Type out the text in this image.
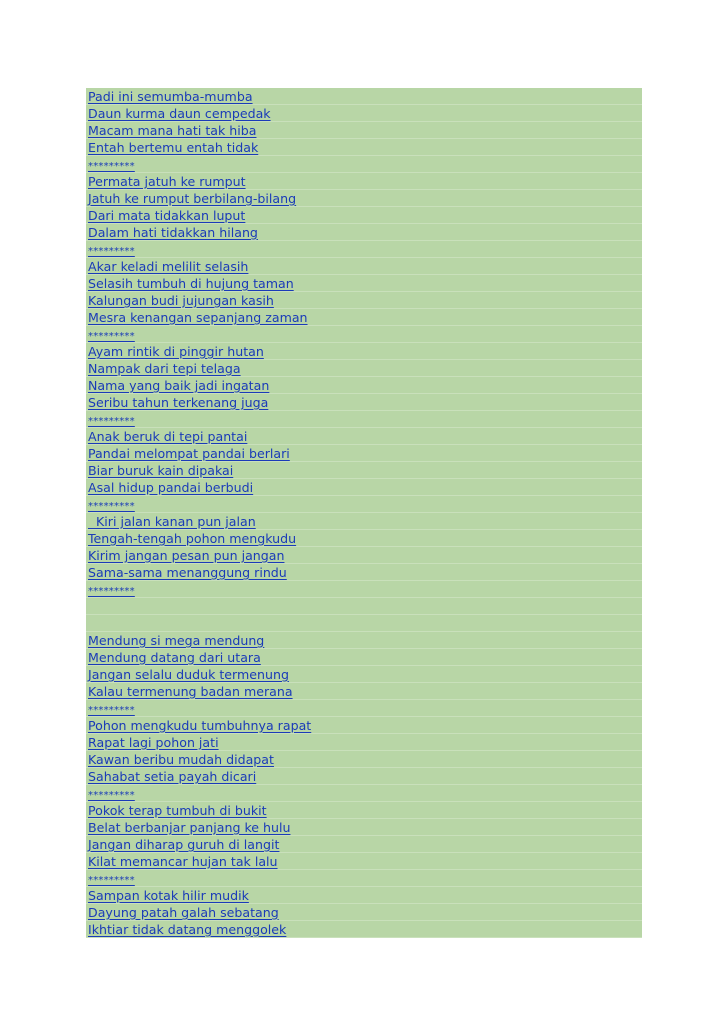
Padi ini semumba-mumba
Daun kurma daun cempedak
Macam mana hati tak hiba
Entah bertemu entah tidak
*********
Permata jatuh ke rumput
Jatuh ke rumput berbilang-bilang
Dari mata tidakkan luput
Dalam hati tidakkan hilang
*********
Akar keladi melilit selasih
Selasih tumbuh di hujung taman
Kalungan budi jujungan kasih
Mesra kenangan sepanjang zaman
*********
Ayam rintik di pinggir hutan
Nampak dari tepi telaga
Nama yang baik jadi ingatan
Seribu tahun terkenang juga
*********
Anak beruk di tepi pantai
Pandai melompat pandai berlari
Biar buruk kain dipakai
Asal hidup pandai berbudi
*********
Kiri jalan kanan pun jalan
Tengah-tengah pohon mengkudu
Kirim jangan pesan pun jangan
Sama-sama menanggung rindu
*********
Mendung si mega mendung
Mendung datang dari utara
Jangan selalu duduk termenung
Kalau termenung badan merana
*********
Pohon mengkudu tumbuhnya rapat
Rapat lagi pohon jati
Kawan beribu mudah didapat
Sahabat setia payah dicari
*********
Pokok terap tumbuh di bukit
Belat berbanjar panjang ke hulu
Jangan diharap guruh di langit
Kilat memancar hujan tak lalu
*********
Sampan kotak hilir mudik
Dayung patah galah sebatang
Ikhtiar tidak datang menggolek
